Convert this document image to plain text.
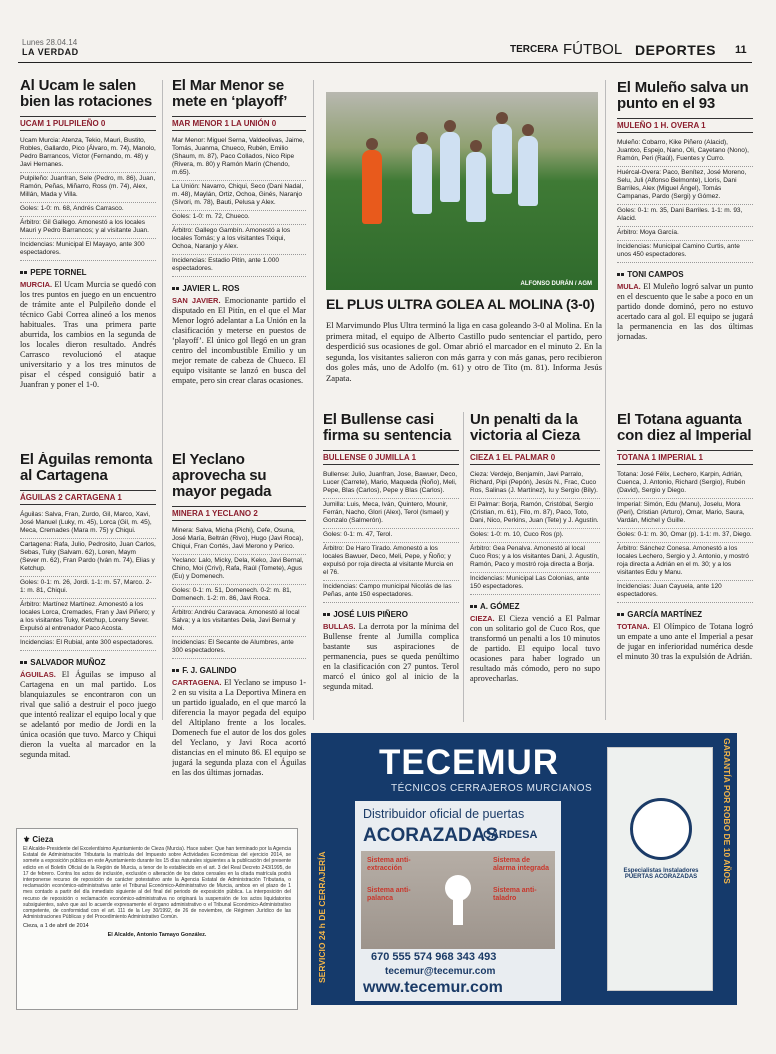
Lunes 28.04.14
LA VERDAD	TERCERA FÚTBOL DEPORTES 11
Al Ucam le salen bien las rotaciones
UCAM 1 PULPILEÑO 0
Ucam Murcia: Atenza, Tekio, Mauri, Bustito, Robles, Gallardo, Pico (Álvaro, m. 74), Manolo, Pedro Barrancos, Víctor (Fernando, m. 48) y Javi Hernanes.
Pulpileño: Juanfran, Sele (Pedro, m. 86), Juan, Ramón, Peñas, Miñarro, Ross (m. 74), Alex, Millán, Mada y Villa.
Goles: 1-0: m. 68, Andrés Carrasco.
Árbitro: Gil Gallego. Amonestó a los locales Mauri y Pedro Barrancos; y al visitante Juan.
Incidencias: Municipal El Mayayo, ante 300 espectadores.
PEPE TORNEL
MURCIA. El Ucam Murcia se quedó con los tres puntos en juego en un encuentro de trámite ante el Pulpileño donde el técnico Gabi Correa alineó a los menos habituales. Tras una primera parte aburrida, los cambios en la segunda de los locales dieron resultado. Andrés Carrasco revolucionó el ataque universitario y a los tres minutos de pisar el césped consiguió batir a Juanfran y poner el 1-0.
El Águilas remonta al Cartagena
ÁGUILAS 2 CARTAGENA 1
Águilas: Salva, Fran, Zurdo, Gil, Marco, Xavi, José Manuel (Luky, m. 45), Lorca (Gil, m. 45), Meca, Cremades (Mara m. 75) y Chiqui.
Cartagena: Rafa, Julio, Pedrosito, Juan Carlos, Sebas, Tuky (Salvam. 62), Loren, Maym (Sever m. 62), Fran Pardo (Iván m. 74), Elias y Ketchup.
Goles: 0-1: m. 26, Jordi. 1-1: m. 57, Marco. 2-1: m. 81, Chiqui.
Árbitro: Martínez Martínez. Amonestó a los locales Lorca, Cremades, Fran y Javi Piñero; y a los visitantes Tuky, Ketchup, Loreny Sever. Expulsó al entrenador Paco Acosta.
Incidencias: El Rubial, ante 300 espectadores.
SALVADOR MUÑOZ
ÁGUILAS. El Águilas se impuso al Cartagena en un mal partido. Los blanquiazules se encontraron con un rival que salió a destruir el poco juego que intentó realizar el equipo local y que se adelantó por medio de Jordi en la única ocasión que tuvo. Marco y Chiqui dieron la vuelta al marcador en la segunda mitad.
El Mar Menor se mete en ‘playoff’
MAR MENOR 1 LA UNIÓN 0
Mar Menor: Miguel Serna, Valdeolivas, Jaime, Tomás, Juanma, Chueco, Rubén, Emilio (Shaum, m. 87), Paco Collados, Nico Ripe (Rivera, m. 80) y Ramón Marín (Chendo, m.65).
La Unión: Navarro, Chiqui, Seco (Dani Nadal, m. 48), Maylán, Ortiz, Ochoa, Ginés, Naranjo (Sívori, m. 78), Bauti, Pelusa y Alex.
Goles: 1-0: m. 72, Chueco.
Árbitro: Gallego Gambín. Amonestó a los locales Tomás; y a los visitantes Txiqui, Ochoa, Naranjo y Alex.
Incidencias: Estadio Pitín, ante 1.000 espectadores.
JAVIER L. ROS
SAN JAVIER. Emocionante partido el disputado en El Pitín, en el que el Mar Menor logró adelantar a La Unión en la clasificación y meterse en puestos de ‘playoff’. El único gol llegó en un gran centro del incombustible Emilio y un mejor remate de cabeza de Chueco. El equipo visitante se lanzó en busca del empate, pero sin crear claras ocasiones.
El Yeclano aprovecha su mayor pegada
MINERA 1 YECLANO 2
Minera: Salva, Micha (Pichi), Cefe, Osuna, José María, Beltrán (Rivo), Hugo (Javi Roca), Chiqui, Fran Cortés, Javi Merono y Perico.
Yeclano: Lalo, Micky, Dela, Keko, Javi Bernal, Chino, Moi (Crivi), Rafa, Raúl (Tomete), Agus (Eu) y Domenech.
Goles: 0-1: m. 51, Domenech. 0-2: m. 81, Domenech. 1-2: m. 86, Javi Roca.
Árbitro: Andréu Caravaca. Amonestó al local Salva; y a los visitantes Dela, Javi Bernal y Moi.
Incidencias: El Secante de Alumbres, ante 300 espectadores.
F. J. GALINDO
CARTAGENA. El Yeclano se impuso 1-2 en su visita a La Deportiva Minera en un partido igualado, en el que marcó la diferencia la mayor pegada del equipo del Altiplano frente a los locales. Domenech fue el autor de los dos goles del Yeclano, y Javi Roca acortó distancias en el minuto 86. El equipo se jugará la segunda plaza con el Águilas en las dos últimas jornadas.
ALFONSO DURÁN / AGM
EL PLUS ULTRA GOLEA AL MOLINA (3-0)
El Marvimundo Plus Ultra terminó la liga en casa goleando 3-0 al Molina. En la primera mitad, el equipo de Alberto Castillo pudo sentenciar el partido, pero desperdició sus ocasiones de gol. Omar abrió el marcador en el minuto 2. En la segunda, los visitantes salieron con más garra y con más ganas, pero recibieron dos goles más, uno de Adolfo (m. 61) y otro de Tito (m. 81). Informa Jesús Zapata.
El Bullense casi firma su sentencia
BULLENSE 0 JUMILLA 1
Bullense: Julio, Juanfran, Jose, Bawuer, Deco, Lucer (Carrete), Mario, Maqueda (Ñoño), Meli, Pepe, Blas (Carlos), Pepe y Blas (Carlos).
Jumilla: Luis, Meca, Iván, Quintero, Mounir, Ferrán, Nacho, Glori (Alex), Terol (Ismael) y Gonzalo (Salmerón).
Goles: 0-1: m. 47, Terol.
Árbitro: De Haro Tirado. Amonestó a los locales Bawuer, Deco, Meli, Pepe, y Ñoño; y expulsó por roja directa al visitante Murcia en el 76.
Incidencias: Campo municipal Nicolás de las Peñas, ante 150 espectadores.
JOSÉ LUIS PIÑERO
BULLAS. La derrota por la mínima del Bullense frente al Jumilla complica bastante sus aspiraciones de permanencia, pues se queda penúltimo en la clasificación con 27 puntos. Terol marcó el único gol al inicio de la segunda mitad.
Un penalti da la victoria al Cieza
CIEZA 1 EL PALMAR 0
Cieza: Verdejo, Benjamín, Javi Parralo, Richard, Pipi (Pepón), Jesús N., Frac, Cuco Ros, Salinas (J. Martínez), Iu y Sergio (Bily).
El Palmar: Borja, Ramón, Cristóbal, Sergio (Cristian, m. 61), Filo, m. 87), Paco, Toto, Dani, Nico, Perkins, Juan (Tete) y J. Agustín.
Goles: 1-0: m. 10, Cuco Ros (p).
Árbitro: Gea Penalva. Amonestó al local Cuco Ros; y a los visitantes Dani, J. Agustín, Ramón, Paco y mostró roja directa a Borja.
Incidencias: Municipal Las Colonias, ante 150 espectadores.
A. GÓMEZ
CIEZA. El Cieza venció a El Palmar con un solitario gol de Cuco Ros, que transformó un penalti a los 10 minutos de partido. El equipo local tuvo ocasiones para haber logrado un resultado más cómodo, pero no supo aprovecharlas.
El Muleño salva un punto en el 93
MULEÑO 1 H. OVERA 1
Muleño: Cobarro, Kike Piñero (Alacid), Juantxo, Espejo, Nano, Oli, Cayetano (Nono), Ramón, Peri (Raúl), Fuentes y Curro.
Huércal-Overa: Paco, Benítez, José Moreno, Selu, Juli (Alfonso Belmonte), Lloris, Dani Barriles, Alex (Miguel Ángel), Tomás Campanas, Pardo (Sergi) y Gómez.
Goles: 0-1: m. 35, Dani Barriles. 1-1: m. 93, Alacid.
Árbitro: Moya García.
Incidencias: Municipal Camino Curtis, ante unos 450 espectadores.
TONI CAMPOS
MULA. El Muleño logró salvar un punto en el descuento que le sabe a poco en un partido donde dominó, pero no estuvo acertado cara al gol. El equipo se jugará la permanencia en las dos últimas jornadas.
El Totana aguanta con diez al Imperial
TOTANA 1 IMPERIAL 1
Totana: José Félix, Lechero, Karpin, Adrián, Cuenca, J. Antonio, Richard (Sergio), Rubén (David), Sergio y Diego.
Imperial: Simón, Edu (Manu), Joselu, Mora (Peri), Cristian (Arturo), Omar, Mario, Saura, Vardán, Michel y Guille.
Goles: 0-1: m. 30, Omar (p). 1-1: m. 37, Diego.
Árbitro: Sánchez Conesa. Amonestó a los locales Lechero, Sergio y J. Antonio, y mostró roja directa a Adrián en el m. 30; y a los visitantes Edu y Manu.
Incidencias: Juan Cayuela, ante 120 espectadores.
GARCÍA MARTÍNEZ
TOTANA. El Olímpico de Totana logró un empate a uno ante el Imperial a pesar de jugar en inferioridad numérica desde el minuto 30 tras la expulsión de Adrián.
⚜ Cieza
El Alcalde-Presidente del Excelentísimo Ayuntamiento de Cieza (Murcia). Hace saber: Que han terminado por la Agencia Estatal de Administración Tributaria la matrícula del Impuesto sobre Actividades Económicas del ejercicio 2014, se somete a exposición pública en este Ayuntamiento durante los 15 días naturales siguientes a la publicación del presente edicto en el Boletín Oficial de la Región de Murcia, a tenor de lo establecido en el art. 3 del Real Decreto 243/1995, de 17 de febrero. Contra los actos de inclusión, exclusión o alteración de los datos censales en la citada matrícula podrá interponerse recurso de reposición de carácter potestativo ante la Agencia Estatal de Administración Tributaria, o reclamación económico-administrativa ante el Tribunal Económico-Administrativo de Murcia, ambos en el plazo de 1 mes contado a partir del día inmediato siguiente al del final del periodo de exposición pública. La interposición del recurso de reposición o reclamación económico-administrativa no originará la suspensión de los actos liquidatorios subsiguientes, salvo que así lo acuerde expresamente el órgano administrativo o el Tribunal Económico-Administrativo competente, de conformidad con el art. 111 de la Ley 30/1992, de 26 de noviembre, de Régimen Jurídico de las Administraciones Públicas y del Procedimiento Administrativo Común.
Cieza, a 1 de abril de 2014
El Alcalde, Antonio Tamayo González.
TECEMUR
TÉCNICOS CERRAJEROS MURCIANOS
SERVICIO 24 h DE CERRAJERÍA
GARANTÍA POR ROBO DE 10 AÑOS
Distribuidor oficial de puertas
ACORAZADAS
CARDESA
Sistema anti-extracción
Sistema anti-palanca
Sistema de alarma integrada
Sistema anti-taladro
670 555 574 968 343 493
tecemur@tecemur.com
www.tecemur.com
Especialistas Instaladores PUERTAS ACORAZADAS
